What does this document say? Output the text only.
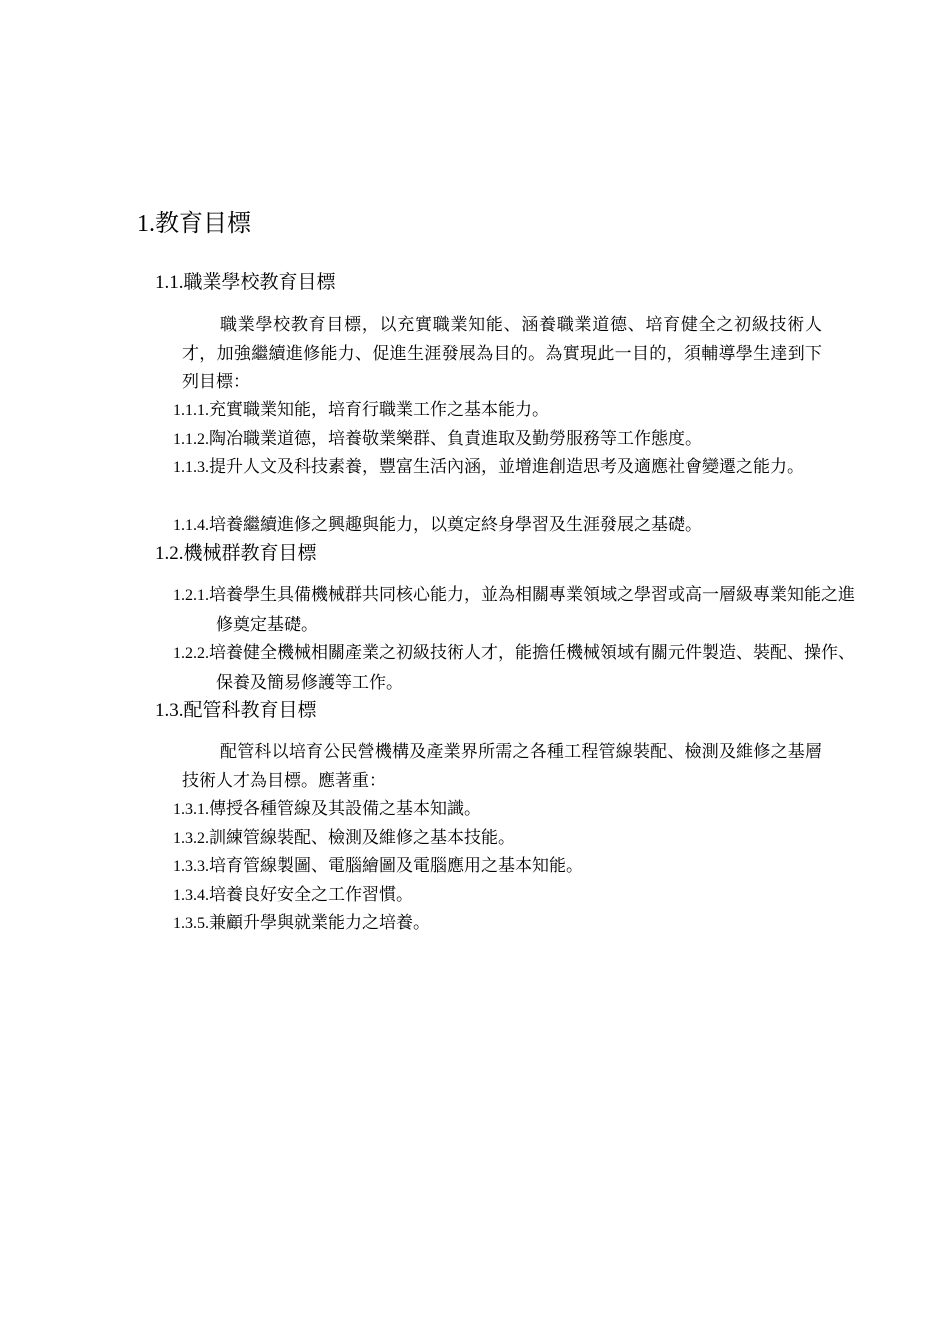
1.教育目標
1.1.職業學校教育目標
職業學校教育目標，以充實職業知能、涵養職業道德、培育健全之初級技術人才，加強繼續進修能力、促進生涯發展為目的。為實現此一目的，須輔導學生達到下列目標：
1.1.1.充實職業知能，培育行職業工作之基本能力。
1.1.2.陶冶職業道德，培養敬業樂群、負責進取及勤勞服務等工作態度。
1.1.3.提升人文及科技素養，豐富生活內涵，並增進創造思考及適應社會變遷之能力。
1.1.4.培養繼續進修之興趣與能力，以奠定終身學習及生涯發展之基礎。
1.2.機械群教育目標
1.2.1.培養學生具備機械群共同核心能力，並為相關專業領域之學習或高一層級專業知能之進修奠定基礎。
1.2.2.培養健全機械相關產業之初級技術人才，能擔任機械領域有關元件製造、裝配、操作、保養及簡易修護等工作。
1.3.配管科教育目標
配管科以培育公民營機構及產業界所需之各種工程管線裝配、檢測及維修之基層技術人才為目標。應著重：
1.3.1.傳授各種管線及其設備之基本知識。
1.3.2.訓練管線裝配、檢測及維修之基本技能。
1.3.3.培育管線製圖、電腦繪圖及電腦應用之基本知能。
1.3.4.培養良好安全之工作習慣。
1.3.5.兼顧升學與就業能力之培養。
